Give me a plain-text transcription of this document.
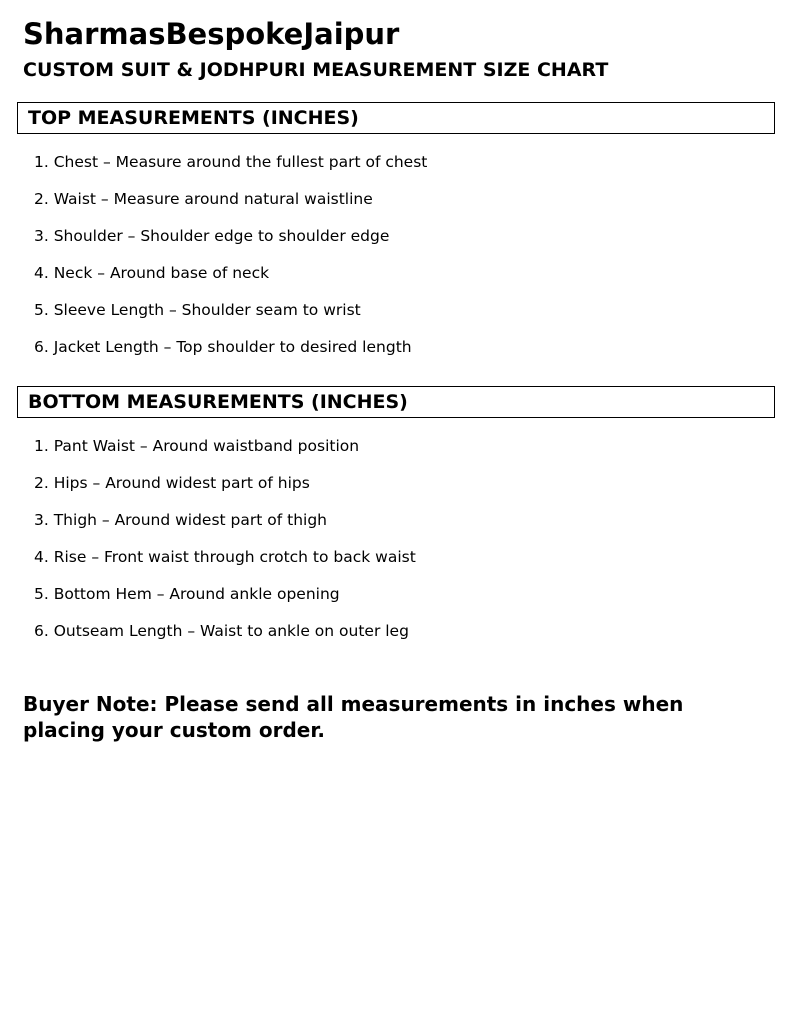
SharmasBespokeJaipur
CUSTOM SUIT & JODHPURI MEASUREMENT SIZE CHART
TOP MEASUREMENTS (INCHES)
1. Chest – Measure around the fullest part of chest
2. Waist – Measure around natural waistline
3. Shoulder – Shoulder edge to shoulder edge
4. Neck – Around base of neck
5. Sleeve Length – Shoulder seam to wrist
6. Jacket Length – Top shoulder to desired length
BOTTOM MEASUREMENTS (INCHES)
1. Pant Waist – Around waistband position
2. Hips – Around widest part of hips
3. Thigh – Around widest part of thigh
4. Rise – Front waist through crotch to back waist
5. Bottom Hem – Around ankle opening
6. Outseam Length – Waist to ankle on outer leg

Buyer Note: Please send all measurements in inches when placing your custom order.
